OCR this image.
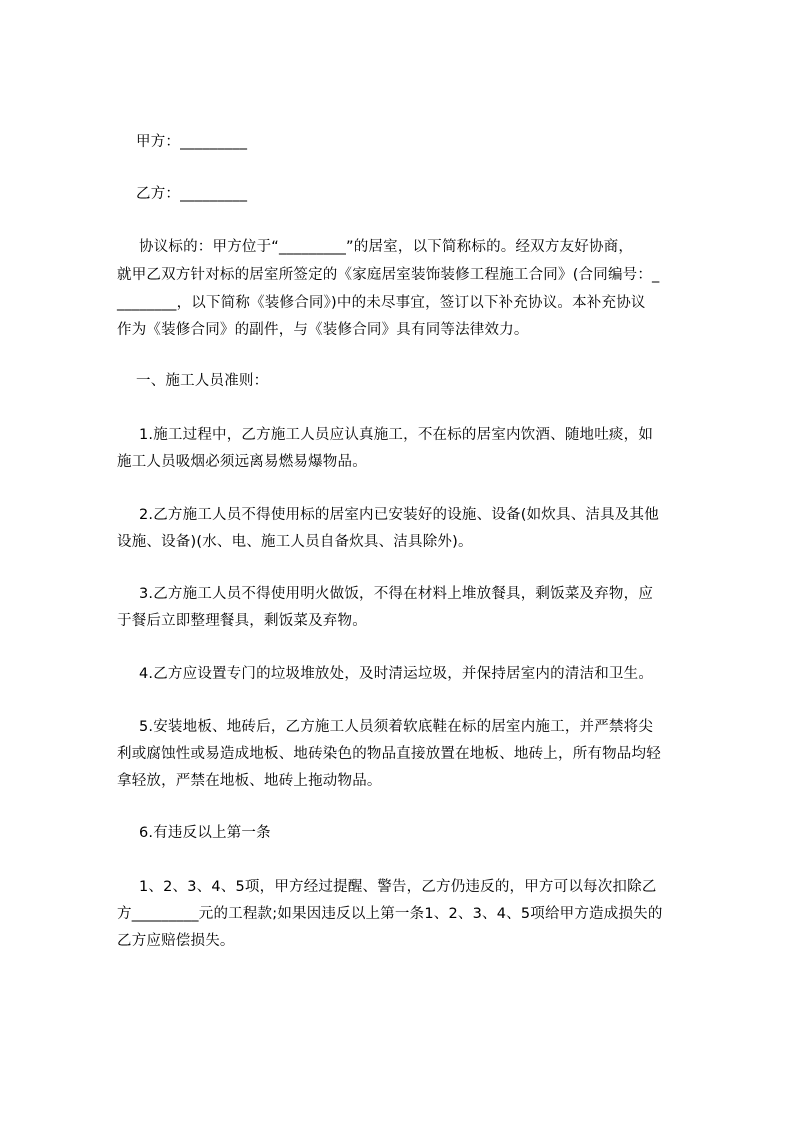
甲方：_________
乙方：_________
协议标的：甲方位于“_________”的居室，以下简称标的。经双方友好协商，
就甲乙双方针对标的居室所签定的《家庭居室装饰装修工程施工合同》(合同编号：_
________，以下简称《装修合同》)中的未尽事宜，签订以下补充协议。本补充协议
作为《装修合同》的副件，与《装修合同》具有同等法律效力。
一、施工人员准则：
1.施工过程中，乙方施工人员应认真施工，不在标的居室内饮酒、随地吐痰，如
施工人员吸烟必须远离易燃易爆物品。
2.乙方施工人员不得使用标的居室内已安装好的设施、设备(如炊具、洁具及其他
设施、设备)(水、电、施工人员自备炊具、洁具除外)。
3.乙方施工人员不得使用明火做饭，不得在材料上堆放餐具，剩饭菜及弃物，应
于餐后立即整理餐具，剩饭菜及弃物。
4.乙方应设置专门的垃圾堆放处，及时清运垃圾，并保持居室内的清洁和卫生。
5.安装地板、地砖后，乙方施工人员须着软底鞋在标的居室内施工，并严禁将尖
利或腐蚀性或易造成地板、地砖染色的物品直接放置在地板、地砖上，所有物品均轻
拿轻放，严禁在地板、地砖上拖动物品。
6.有违反以上第一条
1、2、3、4、5项，甲方经过提醒、警告，乙方仍违反的，甲方可以每次扣除乙
方_________元的工程款;如果因违反以上第一条1、2、3、4、5项给甲方造成损失的
乙方应赔偿损失。
